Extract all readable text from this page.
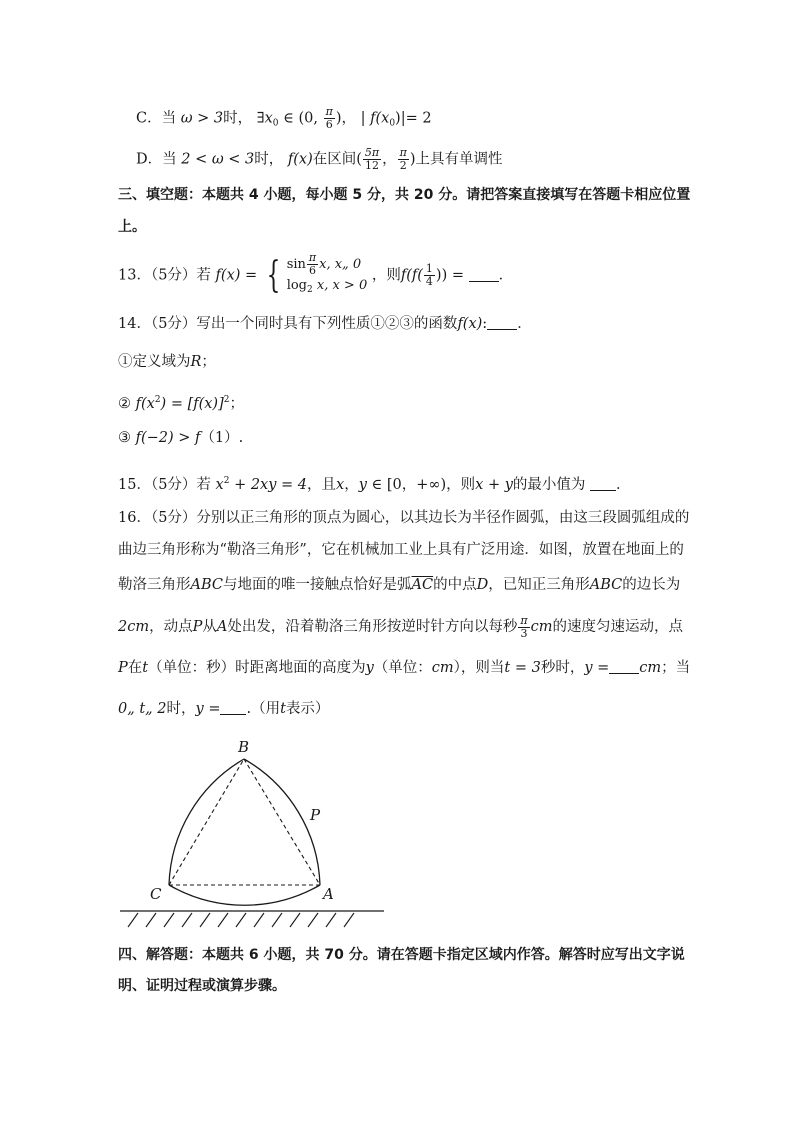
C．当 ω > 3时， $\exists x_0$ ∈ (0, $\frac{\pi}{6}$ )， | $f(x_0)|= 2$
D．当 2 < ω < 3时， f(x)在区间( $\frac{5\pi}{12}$ ， $\frac{\pi}{2}$ )上具有单调性
三、填空题：本题共 4 小题，每小题 5 分，共 20 分。请把答案直接填写在答题卡相应位置
上。
13．（5分）若 f(x) = { $\sin \frac{\pi}{6} x$, x„ 0
$\log_2 x$, x > 0
，则$f(f( \frac{1}{4}$ )) = ．
14．（5分）写出一个同时具有下列性质①②③的函数f(x): ．
①定义域为R；
② $f(x^2) = [f(x)]^2$；
③ f(−2) > f（1）.
15．（5分）若 $x^2 + 2xy = 4$，且x，y ∈ [0，+∞)，则x + y的最小值为 ．
16．（5分）分别以正三角形的顶点为圆心，以其边长为半径作圆弧，由这三段圆弧组成的
曲边三角形称为“勒洛三角形”，它在机械加工业上具有广泛用途．如图，放置在地面上的
勒洛三角形ABC与地面的唯一接触点恰好是弧$\overline{AC}$的中点D，已知正三角形ABC的边长为
2cm，动点P从A处出发，沿着勒洛三角形按逆时针方向以每秒 $\frac{\pi}{3}$ cm的速度匀速运动，点
P在t（单位：秒）时距离地面的高度为y（单位：cm），则当t = 3秒时，y = cm；当
0„ t„ 2时，y = .（用t表示）
B
P
C	A
四、解答题：本题共 6 小题，共 70 分。请在答题卡指定区域内作答。解答时应写出文字说
明、证明过程或演算步骤。
